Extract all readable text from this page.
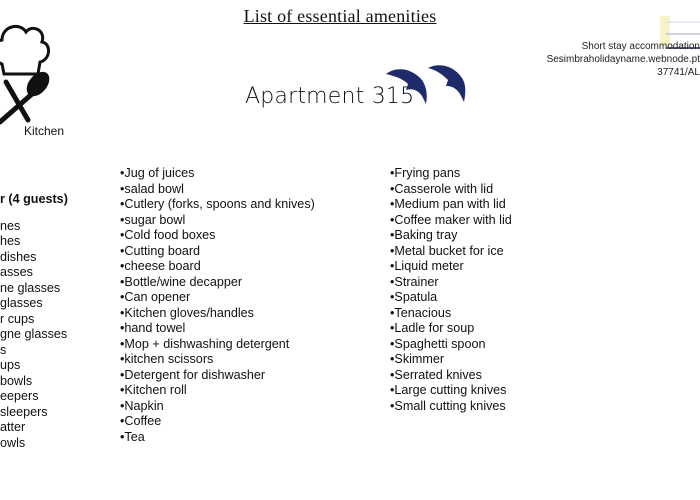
List of essential amenities
Kitchen
Apartment 315
Short stay accommodation
Sesimbraholidayname.webnode.pt
37741/AL
r (4 guests)
nes
hes
dishes
asses
ne glasses
glasses
r cups
gne glasses
s
ups
bowls
eepers
sleepers
atter
owls
• Jug of juices
• salad bowl
• Cutlery (forks, spoons and knives)
• sugar bowl
• Cold food boxes
• Cutting board
• cheese board
• Bottle/wine decapper
• Can opener
• Kitchen gloves/handles
• hand towel
• Mop + dishwashing detergent
• kitchen scissors
• Detergent for dishwasher
• Kitchen roll
• Napkin
• Coffee
• Tea
• Frying pans
• Casserole with lid
• Medium pan with lid
• Coffee maker with lid
• Baking tray
• Metal bucket for ice
• Liquid meter
• Strainer
• Spatula
• Tenacious
• Ladle for soup
• Spaghetti spoon
• Skimmer
• Serrated knives
• Large cutting knives
• Small cutting knives
